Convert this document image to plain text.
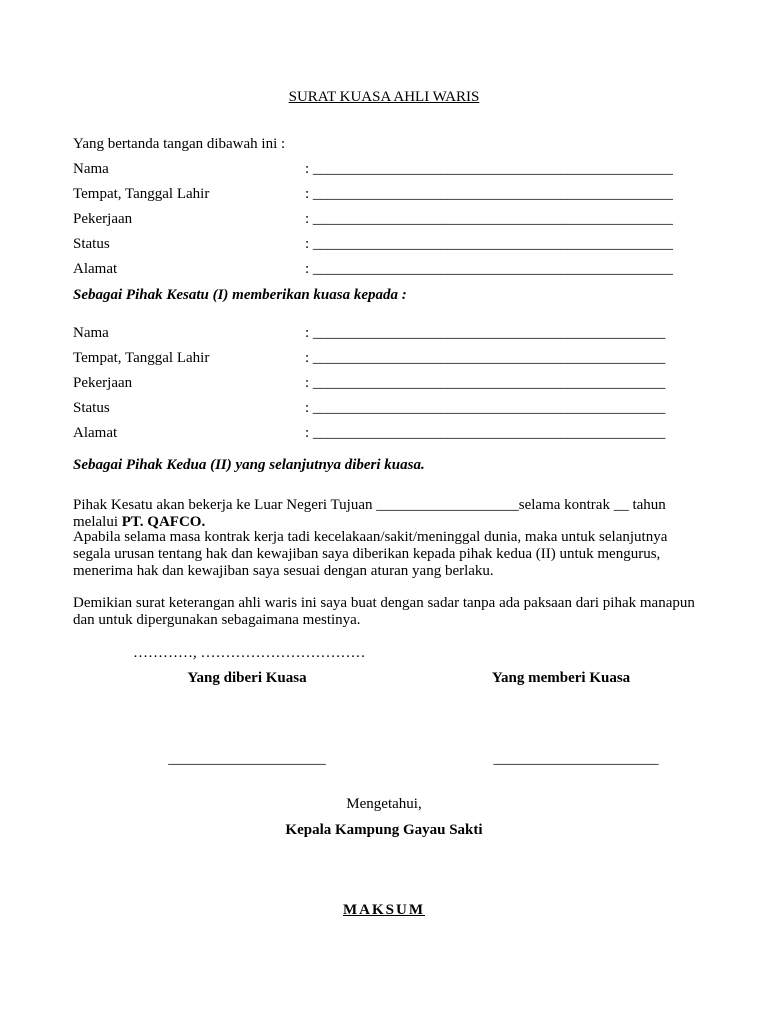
SURAT KUASA AHLI WARIS
Yang bertanda tangan dibawah ini :
Nama	: ________________________________________________
Tempat, Tanggal Lahir	: ________________________________________________
Pekerjaan	: ________________________________________________
Status	: ________________________________________________
Alamat	: ________________________________________________
Sebagai Pihak Kesatu (I) memberikan kuasa kepada :
Nama	: _______________________________________________
Tempat, Tanggal Lahir	: _______________________________________________
Pekerjaan	: _______________________________________________
Status	: _______________________________________________
Alamat	: _______________________________________________
Sebagai Pihak Kedua (II) yang selanjutnya diberi kuasa.
Pihak Kesatu akan bekerja ke Luar Negeri Tujuan ___________________selama kontrak __ tahun
melalui PT. QAFCO.
Apabila selama masa kontrak kerja tadi kecelakaan/sakit/meninggal dunia, maka untuk selanjutnya segala urusan tentang hak dan kewajiban saya diberikan kepada pihak kedua (II) untuk mengurus, menerima hak dan kewajiban saya sesuai dengan aturan yang berlaku.
Demikian surat keterangan ahli waris ini saya buat dengan sadar tanpa ada paksaan dari pihak manapun dan untuk dipergunakan sebagaimana mestinya.
…………, ……………………………
Yang diberi Kuasa	Yang memberi Kuasa
_____________________	______________________
Mengetahui,
Kepala Kampung Gayau Sakti
MAKSUM
